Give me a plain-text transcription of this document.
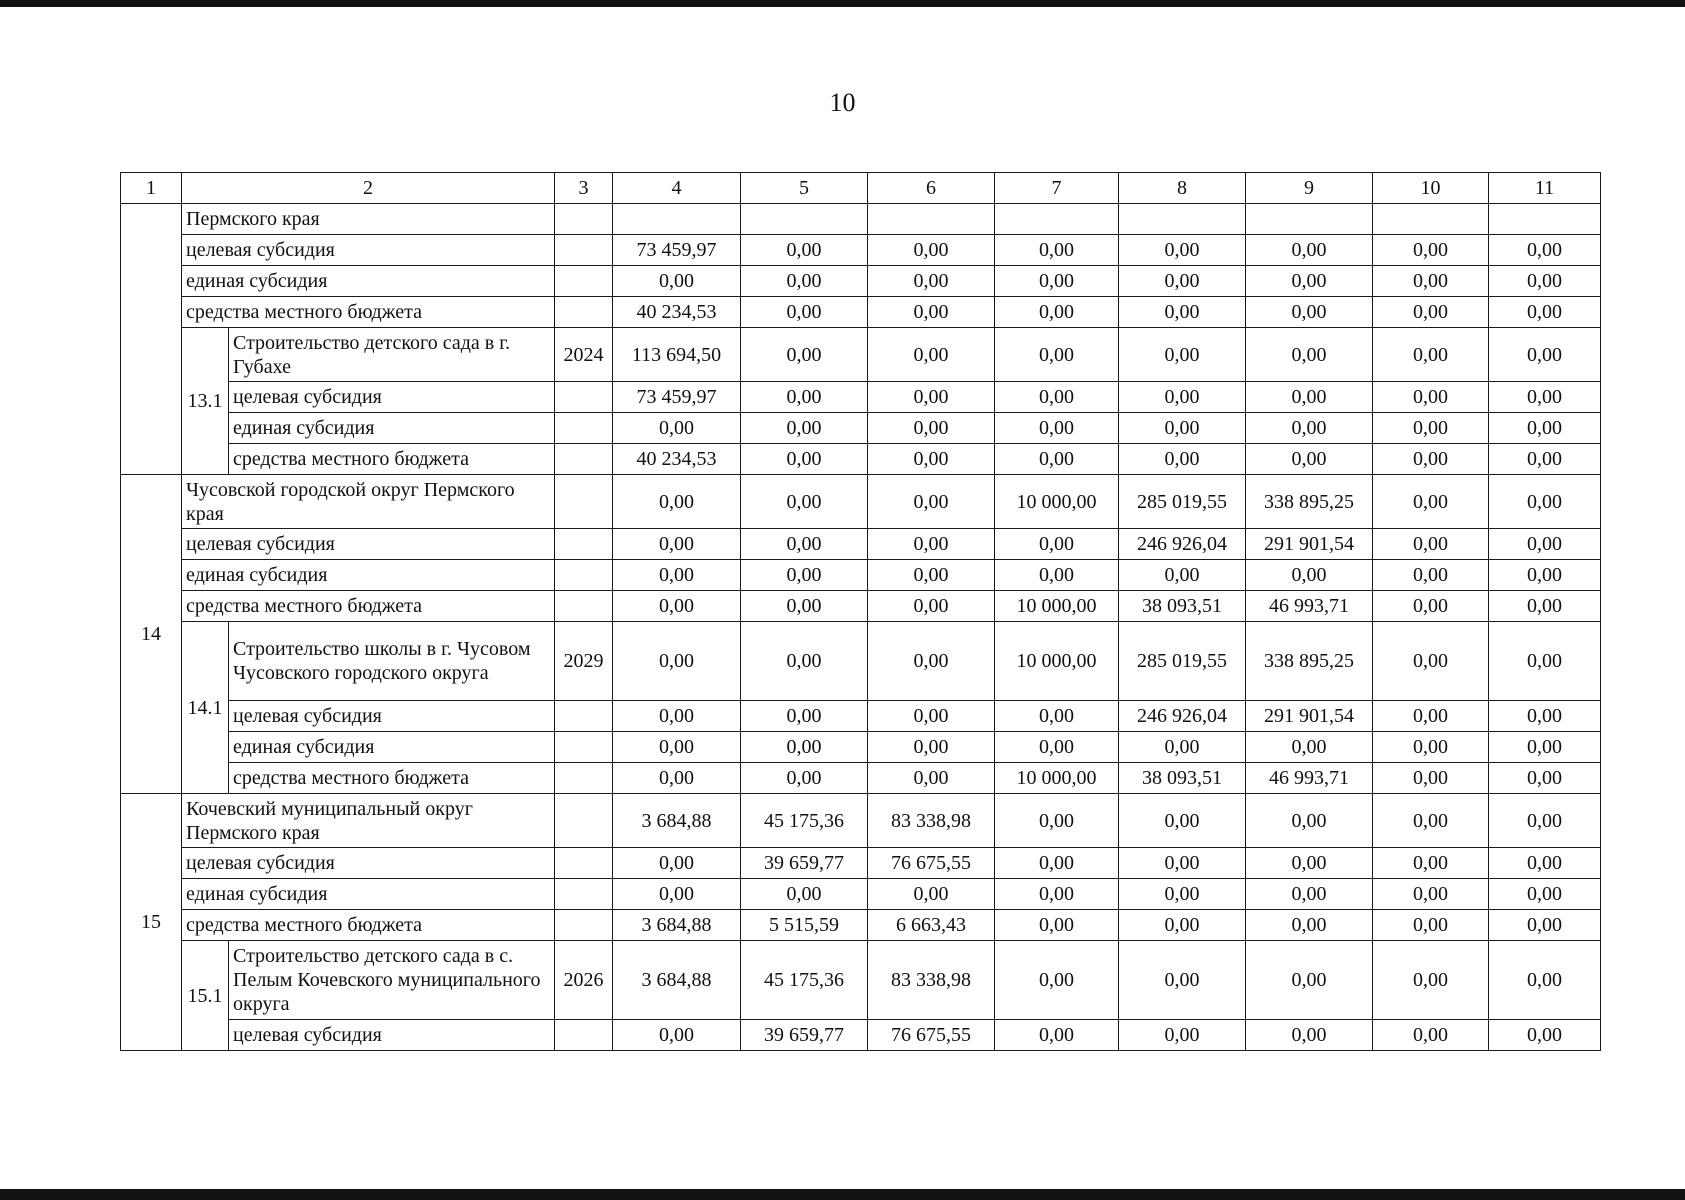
10
1	2		3	4	5	6	7	8	9	10	11
	Пермского края										
	целевая субсидия			73 459,97	0,00	0,00	0,00	0,00	0,00	0,00	0,00
	единая субсидия			0,00	0,00	0,00	0,00	0,00	0,00	0,00	0,00
	средства местного бюджета			40 234,53	0,00	0,00	0,00	0,00	0,00	0,00	0,00
	13.1	Строительство детского сада в г. Губахе	2024	113 694,50	0,00	0,00	0,00	0,00	0,00	0,00	0,00
		целевая субсидия		73 459,97	0,00	0,00	0,00	0,00	0,00	0,00	0,00
		единая субсидия		0,00	0,00	0,00	0,00	0,00	0,00	0,00	0,00
		средства местного бюджета		40 234,53	0,00	0,00	0,00	0,00	0,00	0,00	0,00
14	Чусовской городской округ Пермского края			0,00	0,00	0,00	10 000,00	285 019,55	338 895,25	0,00	0,00
	целевая субсидия			0,00	0,00	0,00	0,00	246 926,04	291 901,54	0,00	0,00
	единая субсидия			0,00	0,00	0,00	0,00	0,00	0,00	0,00	0,00
	средства местного бюджета			0,00	0,00	0,00	10 000,00	38 093,51	46 993,71	0,00	0,00
	14.1	Строительство школы в г. Чусовом Чусовского городского округа	2029	0,00	0,00	0,00	10 000,00	285 019,55	338 895,25	0,00	0,00
		целевая субсидия		0,00	0,00	0,00	0,00	246 926,04	291 901,54	0,00	0,00
		единая субсидия		0,00	0,00	0,00	0,00	0,00	0,00	0,00	0,00
		средства местного бюджета		0,00	0,00	0,00	10 000,00	38 093,51	46 993,71	0,00	0,00
15	Кочевский муниципальный округ Пермского края			3 684,88	45 175,36	83 338,98	0,00	0,00	0,00	0,00	0,00
	целевая субсидия			0,00	39 659,77	76 675,55	0,00	0,00	0,00	0,00	0,00
	единая субсидия			0,00	0,00	0,00	0,00	0,00	0,00	0,00	0,00
	средства местного бюджета			3 684,88	5 515,59	6 663,43	0,00	0,00	0,00	0,00	0,00
	15.1	Строительство детского сада в с. Пелым Кочевского муниципального округа	2026	3 684,88	45 175,36	83 338,98	0,00	0,00	0,00	0,00	0,00
		целевая субсидия		0,00	39 659,77	76 675,55	0,00	0,00	0,00	0,00	0,00
